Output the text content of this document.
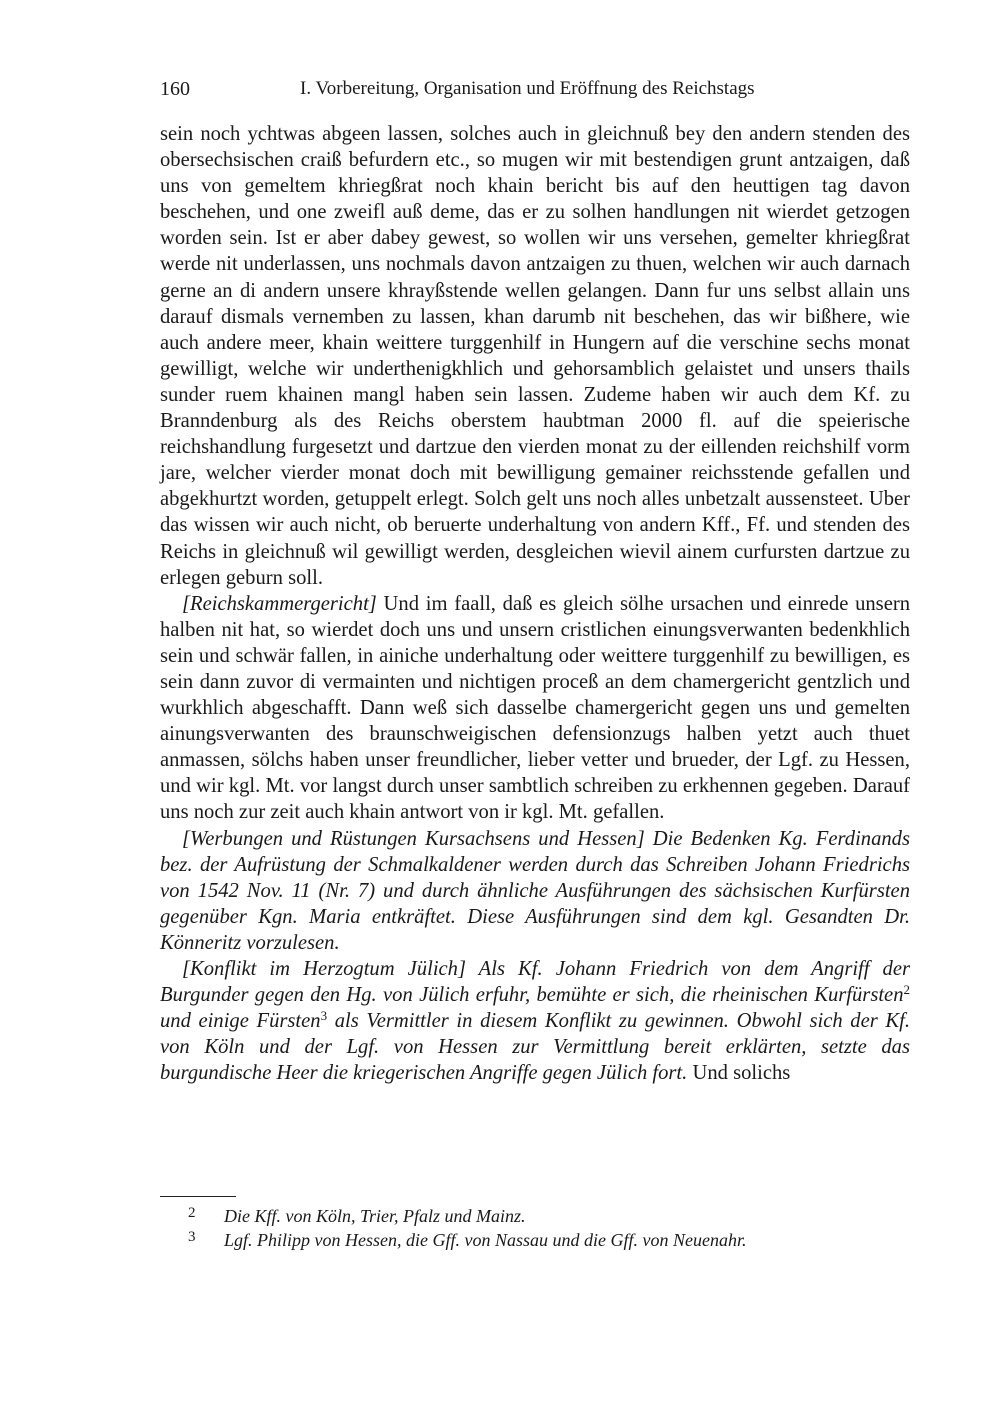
160	I. Vorbereitung, Organisation und Eröffnung des Reichstags

sein noch ychtwas abgeen lassen, solches auch in gleichnuß bey den andern stenden des obersechsischen craiß befurdern etc., so mugen wir mit bestendigen grunt antzaigen, daß uns von gemeltem khriegßrat noch khain bericht bis auf den heuttigen tag davon beschehen, und one zweifl auß deme, das er zu solhen handlungen nit wierdet getzogen worden sein. Ist er aber dabey gewest, so wollen wir uns versehen, gemelter khriegßrat werde nit underlassen, uns nochmals davon antzaigen zu thuen, welchen wir auch darnach gerne an di andern unsere khrayßstende wellen gelangen. Dann fur uns selbst allain uns darauf dismals vernemben zu lassen, khan darumb nit beschehen, das wir bißhere, wie auch andere meer, khain weittere turggenhilf in Hungern auf die verschine sechs monat gewilligt, welche wir underthenigkhlich und gehorsamblich gelaistet und unsers thails sunder ruem khainen mangl haben sein lassen. Zudeme haben wir auch dem Kf. zu Branndenburg als des Reichs oberstem haubtman 2000 fl. auf die speierische reichshandlung furgesetzt und dartzue den vierden monat zu der eillenden reichshilf vorm jare, welcher vierder monat doch mit bewilligung gemainer reichsstende gefallen und abgekhurtzt worden, getuppelt erlegt. Solch gelt uns noch alles unbetzalt aussensteet. Uber das wissen wir auch nicht, ob beruerte underhaltung von andern Kff., Ff. und stenden des Reichs in gleichnuß wil gewilligt werden, desgleichen wievil ainem curfursten dartzue zu erlegen geburn soll.

[Reichskammergericht] Und im faall, daß es gleich sölhe ursachen und einrede unsern halben nit hat, so wierdet doch uns und unsern cristlichen einungsverwanten bedenkhlich sein und schwär fallen, in ainiche underhaltung oder weittere turggenhilf zu bewilligen, es sein dann zuvor di vermainten und nichtigen proceß an dem chamergericht gentzlich und wurkhlich abgeschafft. Dann weß sich dasselbe chamergericht gegen uns und gemelten ainungsverwanten des braunschweigischen defensionzugs halben yetzt auch thuet anmassen, sölchs haben unser freundlicher, lieber vetter und brueder, der Lgf. zu Hessen, und wir kgl. Mt. vor langst durch unser sambtlich schreiben zu erkhennen gegeben. Darauf uns noch zur zeit auch khain antwort von ir kgl. Mt. gefallen.

[Werbungen und Rüstungen Kursachsens und Hessen] Die Bedenken Kg. Ferdinands bez. der Aufrüstung der Schmalkaldener werden durch das Schreiben Johann Friedrichs von 1542 Nov. 11 (Nr. 7) und durch ähnliche Ausführungen des sächsischen Kurfürsten gegenüber Kgn. Maria entkräftet. Diese Ausführungen sind dem kgl. Gesandten Dr. Könneritz vorzulesen.

[Konflikt im Herzogtum Jülich] Als Kf. Johann Friedrich von dem Angriff der Burgunder gegen den Hg. von Jülich erfuhr, bemühte er sich, die rheinischen Kurfürsten$^2$ und einige Fürsten$^3$ als Vermittler in diesem Konflikt zu gewinnen. Obwohl sich der Kf. von Köln und der Lgf. von Hessen zur Vermittlung bereit erklärten, setzte das burgundische Heer die kriegerischen Angriffe gegen Jülich fort. Und solichs

2 Die Kff. von Köln, Trier, Pfalz und Mainz.
3 Lgf. Philipp von Hessen, die Gff. von Nassau und die Gff. von Neuenahr.
